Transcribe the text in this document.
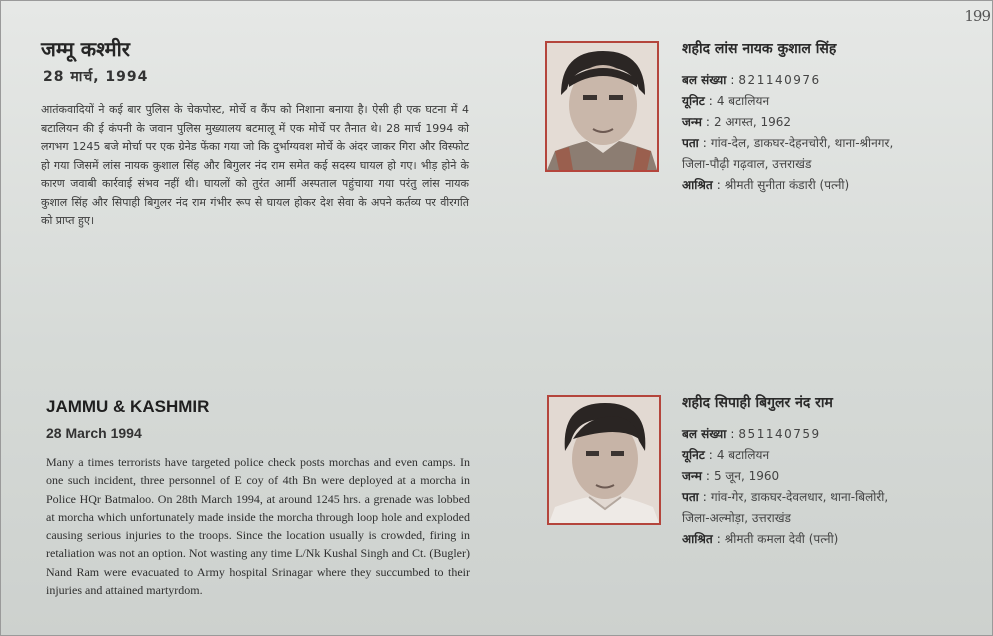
199
जम्मू कश्मीर
28 मार्च, 1994

आतंकवादियों ने कई बार पुलिस के चेकपोस्ट, मोर्चे व कैंप को निशाना बनाया है। ऐसी ही एक घटना में 4 बटालियन की ई कंपनी के जवान पुलिस मुख्यालय बटमालू में एक मोर्चे पर तैनात थे। 28 मार्च 1994 को लगभग 1245 बजे मोर्चा पर एक ग्रेनेड फेंका गया जो कि दुर्भाग्यवश मोर्चे के अंदर जाकर गिरा और विस्फोट हो गया जिसमें लांस नायक कुशाल सिंह और बिगुलर नंद राम समेत कई सदस्य घायल हो गए। भीड़ होने के कारण जवाबी कार्रवाई संभव नहीं थी। घायलों को तुरंत आर्मी अस्पताल पहुंचाया गया परंतु लांस नायक कुशाल सिंह और सिपाही बिगुलर नंद राम गंभीर रूप से घायल होकर देश सेवा के अपने कर्तव्य पर वीरगति को प्राप्त हुए।

JAMMU & KASHMIR
28 March 1994

Many a times terrorists have targeted police check posts morchas and even camps. In one such incident, three personnel of E coy of 4th Bn were deployed at a morcha in Police HQr Batmaloo. On 28th March 1994, at around 1245 hrs. a grenade was lobbed at morcha which unfortunately made inside the morcha through loop hole and exploded causing serious injuries to the troops. Since the location usually is crowded, firing in retaliation was not an option. Not wasting any time L/Nk Kushal Singh and Ct. (Bugler) Nand Ram were evacuated to Army hospital Srinagar where they succumbed to their injuries and attained martyrdom.

शहीद लांस नायक कुशाल सिंह

बल संख्या : 821140976

यूनिट : 4 बटालियन

जन्म : 2 अगस्त, 1962

पता : गांव-देल, डाकघर-देहनचोरी, थाना-श्रीनगर,

जिला-पौढ़ी गढ़वाल, उत्तराखंड

आश्रित : श्रीमती सुनीता कंडारी (पत्नी)

शहीद सिपाही बिगुलर नंद राम

बल संख्या : 851140759

यूनिट : 4 बटालियन

जन्म : 5 जून, 1960

पता : गांव-गेर, डाकघर-देवलधार, थाना-बिलोरी,

जिला-अल्मोड़ा, उत्तराखंड

आश्रित : श्रीमती कमला देवी (पत्नी)
